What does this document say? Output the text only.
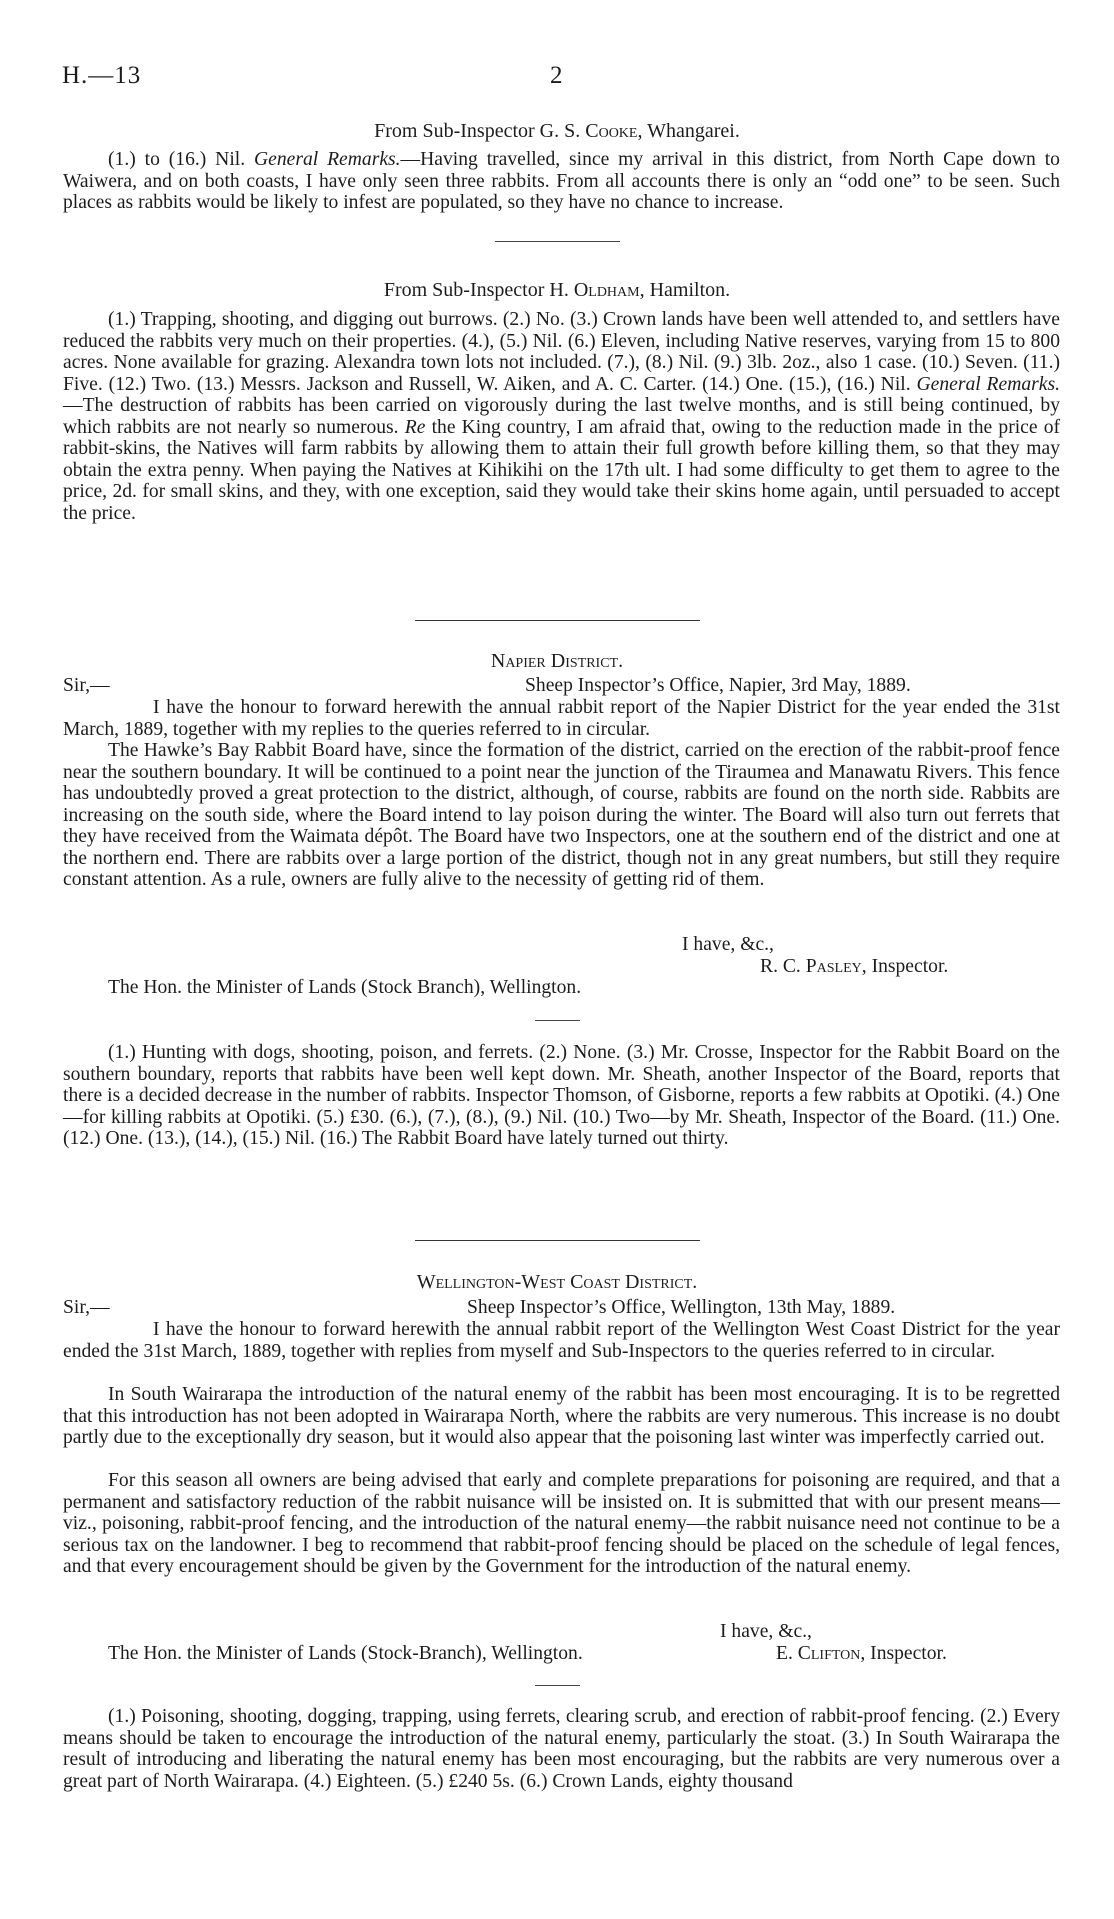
H.—13	2
From Sub-Inspector G. S. Cooke, Whangarei.

(1.) to (16.) Nil. General Remarks.—Having travelled, since my arrival in this district, from North Cape down to Waiwera, and on both coasts, I have only seen three rabbits. From all accounts there is only an “odd one” to be seen. Such places as rabbits would be likely to infest are populated, so they have no chance to increase.

From Sub-Inspector H. Oldham, Hamilton.

(1.) Trapping, shooting, and digging out burrows. (2.) No. (3.) Crown lands have been well attended to, and settlers have reduced the rabbits very much on their properties. (4.), (5.) Nil. (6.) Eleven, including Native reserves, varying from 15 to 800 acres. None available for grazing. Alexandra town lots not included. (7.), (8.) Nil. (9.) 3lb. 2oz., also 1 case. (10.) Seven. (11.) Five. (12.) Two. (13.) Messrs. Jackson and Russell, W. Aiken, and A. C. Carter. (14.) One. (15.), (16.) Nil. General Remarks.—The destruction of rabbits has been carried on vigorously during the last twelve months, and is still being continued, by which rabbits are not nearly so numerous. Re the King country, I am afraid that, owing to the reduction made in the price of rabbit-skins, the Natives will farm rabbits by allowing them to attain their full growth before killing them, so that they may obtain the extra penny. When paying the Natives at Kihikihi on the 17th ult. I had some difficulty to get them to agree to the price, 2d. for small skins, and they, with one exception, said they would take their skins home again, until persuaded to accept the price.

Napier District.
Sir,—	Sheep Inspector’s Office, Napier, 3rd May, 1889.

I have the honour to forward herewith the annual rabbit report of the Napier District for the year ended the 31st March, 1889, together with my replies to the queries referred to in circular.

The Hawke’s Bay Rabbit Board have, since the formation of the district, carried on the erection of the rabbit-proof fence near the southern boundary. It will be continued to a point near the junction of the Tiraumea and Manawatu Rivers. This fence has undoubtedly proved a great protection to the district, although, of course, rabbits are found on the north side. Rabbits are increasing on the south side, where the Board intend to lay poison during the winter. The Board will also turn out ferrets that they have received from the Waimata dépôt. The Board have two Inspectors, one at the southern end of the district and one at the northern end. There are rabbits over a large portion of the district, though not in any great numbers, but still they require constant attention. As a rule, owners are fully alive to the necessity of getting rid of them.

I have, &c.,
R. C. Pasley, Inspector.
The Hon. the Minister of Lands (Stock Branch), Wellington.

(1.) Hunting with dogs, shooting, poison, and ferrets. (2.) None. (3.) Mr. Crosse, Inspector for the Rabbit Board on the southern boundary, reports that rabbits have been well kept down. Mr. Sheath, another Inspector of the Board, reports that there is a decided decrease in the number of rabbits. Inspector Thomson, of Gisborne, reports a few rabbits at Opotiki. (4.) One—for killing rabbits at Opotiki. (5.) £30. (6.), (7.), (8.), (9.) Nil. (10.) Two—by Mr. Sheath, Inspector of the Board. (11.) One. (12.) One. (13.), (14.), (15.) Nil. (16.) The Rabbit Board have lately turned out thirty.

Wellington-West Coast District.
Sir,—	Sheep Inspector’s Office, Wellington, 13th May, 1889.

I have the honour to forward herewith the annual rabbit report of the Wellington West Coast District for the year ended the 31st March, 1889, together with replies from myself and Sub-Inspectors to the queries referred to in circular.

In South Wairarapa the introduction of the natural enemy of the rabbit has been most encouraging. It is to be regretted that this introduction has not been adopted in Wairarapa North, where the rabbits are very numerous. This increase is no doubt partly due to the exceptionally dry season, but it would also appear that the poisoning last winter was imperfectly carried out.

For this season all owners are being advised that early and complete preparations for poisoning are required, and that a permanent and satisfactory reduction of the rabbit nuisance will be insisted on. It is submitted that with our present means—viz., poisoning, rabbit-proof fencing, and the introduction of the natural enemy—the rabbit nuisance need not continue to be a serious tax on the landowner. I beg to recommend that rabbit-proof fencing should be placed on the schedule of legal fences, and that every encouragement should be given by the Government for the introduction of the natural enemy.

I have, &c.,
The Hon. the Minister of Lands (Stock-Branch), Wellington.	E. Clifton, Inspector.

(1.) Poisoning, shooting, dogging, trapping, using ferrets, clearing scrub, and erection of rabbit-proof fencing. (2.) Every means should be taken to encourage the introduction of the natural enemy, particularly the stoat. (3.) In South Wairarapa the result of introducing and liberating the natural enemy has been most encouraging, but the rabbits are very numerous over a great part of North Wairarapa. (4.) Eighteen. (5.) £240 5s. (6.) Crown Lands, eighty thousand
